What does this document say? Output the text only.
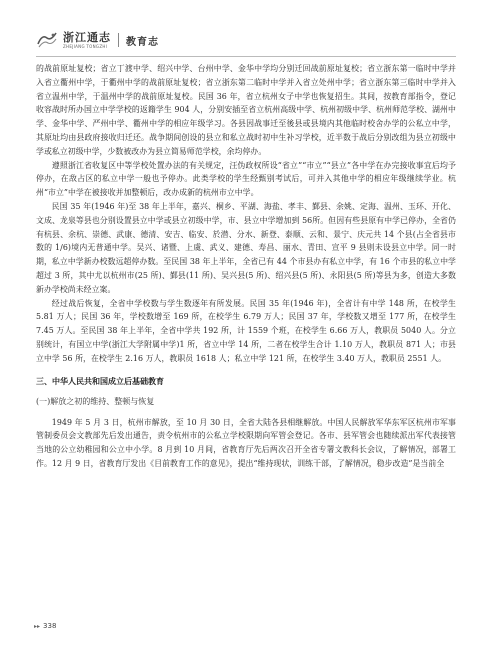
浙江通志
ZHEJIANG TONGZHI	教育志

的战前原址复校；省立丁渡中学、绍兴中学、台州中学、金华中学均分别迁回战前原址复校；省立浙东第一临时中学并入省立衢州中学，于衢州中学的战前原址复校；省立浙东第二临时中学并入省立处州中学；省立浙东第三临时中学并入省立温州中学，于温州中学的战前原址复校。民国 36 年，省立杭州女子中学也恢复招生。其间，按教育部指令，登记收容战时所办国立中学学校的返籍学生 904 人，分别安插至省立杭州高级中学、杭州初级中学、杭州师范学校、湖州中学、金华中学、严州中学、衢州中学的相应年级学习。各县因战事迁至後县或县境内其他临时校舍办学的公私立中学，其原址均由县政府接收归迁还。战争期间创设的县立和私立战时初中生补习学校，近半数于战后分别改组为县立初级中学或私立初级中学，少数被改办为县立简易师范学校，余均停办。

遵照浙江省收复区中等学校处置办法的有关规定，汪伪政权所设“省立”“市立”“县立”各中学在办完接收事宜后均予停办，在敌占区的私立中学一般也予停办。此类学校的学生经甄别考试后，可并入其他中学的相应年级继续学业。杭州“市立”中学在被接收并加整顿后，改办成新的杭州市立中学。

民国 35 年(1946 年)至 38 年上半年，嘉兴、桐乡、平湖、海盐、孝丰、鄞县、余姚、定海、温州、玉环、开化、文成、龙泉等县也分别设置县立中学或县立初级中学，市、县立中学增加到 56所。但因有些县原有中学已停办，全省仍有杭县、余杭、崇德、武康、德清、安吉、临安、於潜、分水、新登、泰顺、云和、景宁、庆元共 14 个县(占全省县市数的 1/6)境内无普通中学。吴兴、诸暨、上虞、武义、建德、寿昌、丽水、青田、宣平 9 县则未设县立中学。同一时期，私立中学新办校数远超停办数。至民国 38 年上半年，全省已有 44 个市县办有私立中学，有 16 个市县的私立中学超过 3 所，其中尤以杭州市(25 所)、鄞县(11 所)、吴兴县(5 所)、绍兴县(5 所)、永阳县(5 所)等县为多，创造大多数新办学校尚未经立案。

经过战后恢复，全省中学校数与学生数逐年有所发展。民国 35 年(1946 年)，全省计有中学 148 所，在校学生 5.81 万人；民国 36 年，学校数增至 169 所，在校学生 6.79 万人；民国 37 年，学校数又增至 177 所，在校学生 7.45 万人。至民国 38 年上半年，全省中学共 192 所，计 1559 个班，在校学生 6.66 万人，教职员 5040 人。分立别统计，有国立中学(浙江大学附属中学)1 所，省立中学 14 所，二者在校学生合计 1.10 万人，教职员 871 人；市县立中学 56 所，在校学生 2.16 万人，教职员 1618 人；私立中学 121 所，在校学生 3.40 万人，教职员 2551 人。

三、中华人民共和国成立后基础教育
(一)解放之初的维持、整顿与恢复

1949 年 5 月 3 日，杭州市解放，至 10 月 30 日，全省大陆各县相继解放。中国人民解放军华东军区杭州市军事管制委员会文教部先后发出通告，责令杭州市的公私立学校限期向军管会登记。各市、县军管会也随续派出军代表接管当地的公立幼稚园和公立中小学。8 月到 10 月间，省教育厅先后两次召开全省专署文教科长会议，了解情况，部署工作。12 月 9 日，省教育厅发出《目前教育工作的意见》，提出“维持现状，训练干部，了解情况，稳步改造”是当前全

▸▸ 338
